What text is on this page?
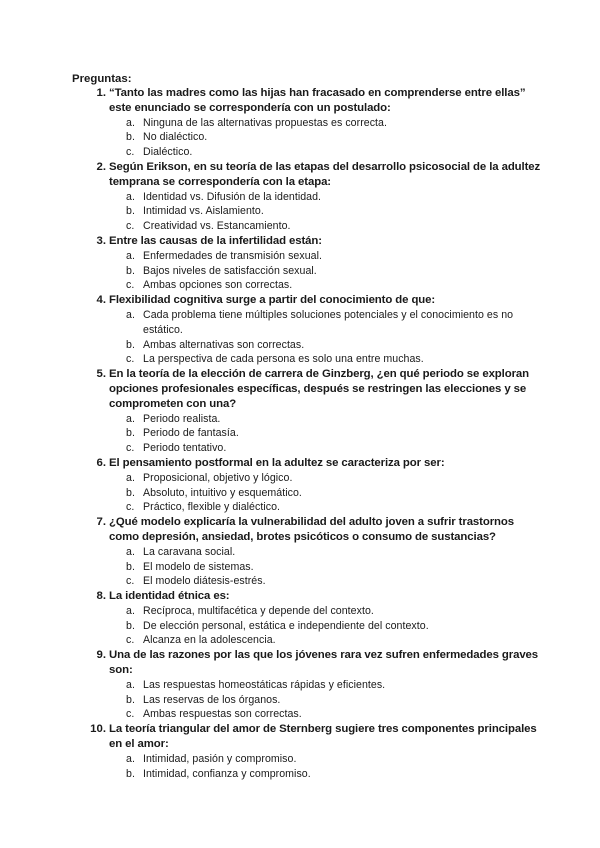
Preguntas:
1. “Tanto las madres como las hijas han fracasado en comprenderse entre ellas” este enunciado se correspondería con un postulado:
a. Ninguna de las alternativas propuestas es correcta.
b. No dialéctico.
c. Dialéctico.
2. Según Erikson, en su teoría de las etapas del desarrollo psicosocial de la adultez temprana se correspondería con la etapa:
a. Identidad vs. Difusión de la identidad.
b. Intimidad vs. Aislamiento.
c. Creatividad vs. Estancamiento.
3. Entre las causas de la infertilidad están:
a. Enfermedades de transmisión sexual.
b. Bajos niveles de satisfacción sexual.
c. Ambas opciones son correctas.
4. Flexibilidad cognitiva surge a partir del conocimiento de que:
a. Cada problema tiene múltiples soluciones potenciales y el conocimiento es no estático.
b. Ambas alternativas son correctas.
c. La perspectiva de cada persona es solo una entre muchas.
5. En la teoría de la elección de carrera de Ginzberg, ¿en qué periodo se exploran opciones profesionales específicas, después se restringen las elecciones y se comprometen con una?
a. Periodo realista.
b. Periodo de fantasía.
c. Periodo tentativo.
6. El pensamiento postformal en la adultez se caracteriza por ser:
a. Proposicional, objetivo y lógico.
b. Absoluto, intuitivo y esquemático.
c. Práctico, flexible y dialéctico.
7. ¿Qué modelo explicaría la vulnerabilidad del adulto joven a sufrir trastornos como depresión, ansiedad, brotes psicóticos o consumo de sustancias?
a. La caravana social.
b. El modelo de sistemas.
c. El modelo diátesis-estrés.
8. La identidad étnica es:
a. Recíproca, multifacética y depende del contexto.
b. De elección personal, estática e independiente del contexto.
c. Alcanza en la adolescencia.
9. Una de las razones por las que los jóvenes rara vez sufren enfermedades graves son:
a. Las respuestas homeostáticas rápidas y eficientes.
b. Las reservas de los órganos.
c. Ambas respuestas son correctas.
10. La teoría triangular del amor de Sternberg sugiere tres componentes principales en el amor:
a. Intimidad, pasión y compromiso.
b. Intimidad, confianza y compromiso.
